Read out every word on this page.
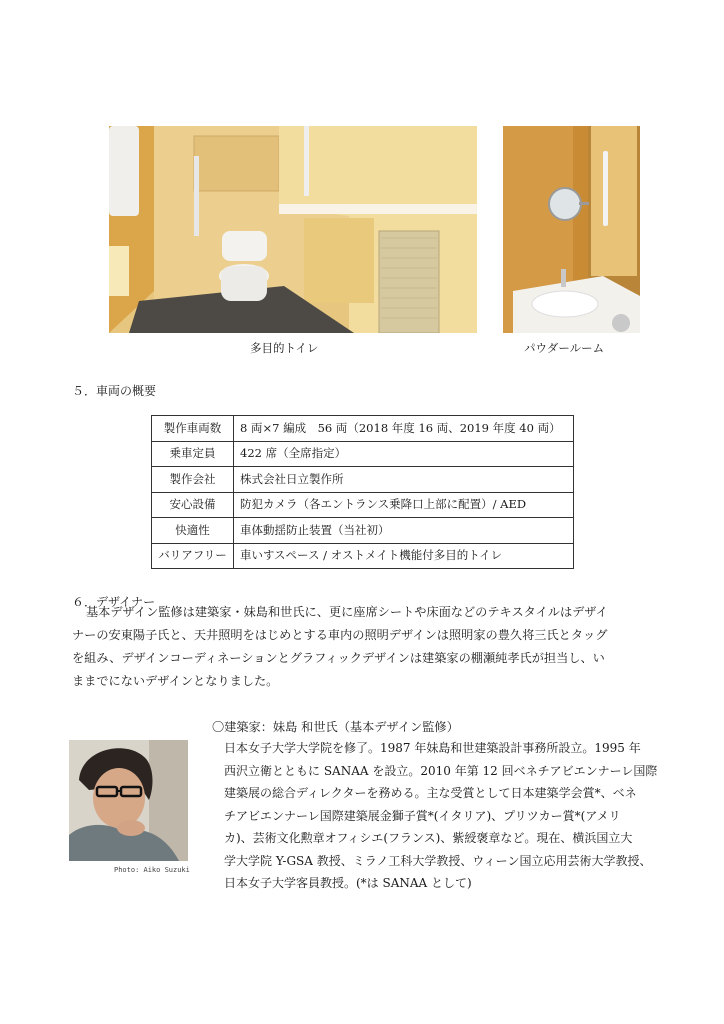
多目的トイレ	パウダールーム
５．車両の概要
製作車両数	8 両×7 編成　56 両（2018 年度 16 両、2019 年度 40 両）
乗車定員	422 席（全席指定）
製作会社	株式会社日立製作所
安心設備	防犯カメラ（各エントランス乗降口上部に配置）/ AED
快適性	車体動揺防止装置（当社初）
バリアフリー	車いすスペース / オストメイト機能付多目的トイレ
６．デザイナー
基本デザイン監修は建築家・妹島和世氏に、更に座席シートや床面などのテキスタイルはデザイ
ナーの安東陽子氏と、天井照明をはじめとする車内の照明デザインは照明家の豊久将三氏とタッグ
を組み、デザインコーディネーションとグラフィックデザインは建築家の棚瀬純孝氏が担当し、い
ままでにないデザインとなりました。
Photo: Aiko Suzuki
〇建築家：妹島 和世氏（基本デザイン監修）
日本女子大学大学院を修了。1987 年妹島和世建築設計事務所設立。1995 年
西沢立衛とともに SANAA を設立。2010 年第 12 回ベネチアビエンナーレ国際
建築展の総合ディレクターを務める。主な受賞として日本建築学会賞*、ベネ
チアビエンナーレ国際建築展金獅子賞*(イタリア)、プリツカー賞*(アメリ
カ)、芸術文化勲章オフィシエ(フランス)、紫綬褒章など。現在、横浜国立大
学大学院 Y-GSA 教授、ミラノ工科大学教授、ウィーン国立応用芸術大学教授、
日本女子大学客員教授。(*は SANAA として)
